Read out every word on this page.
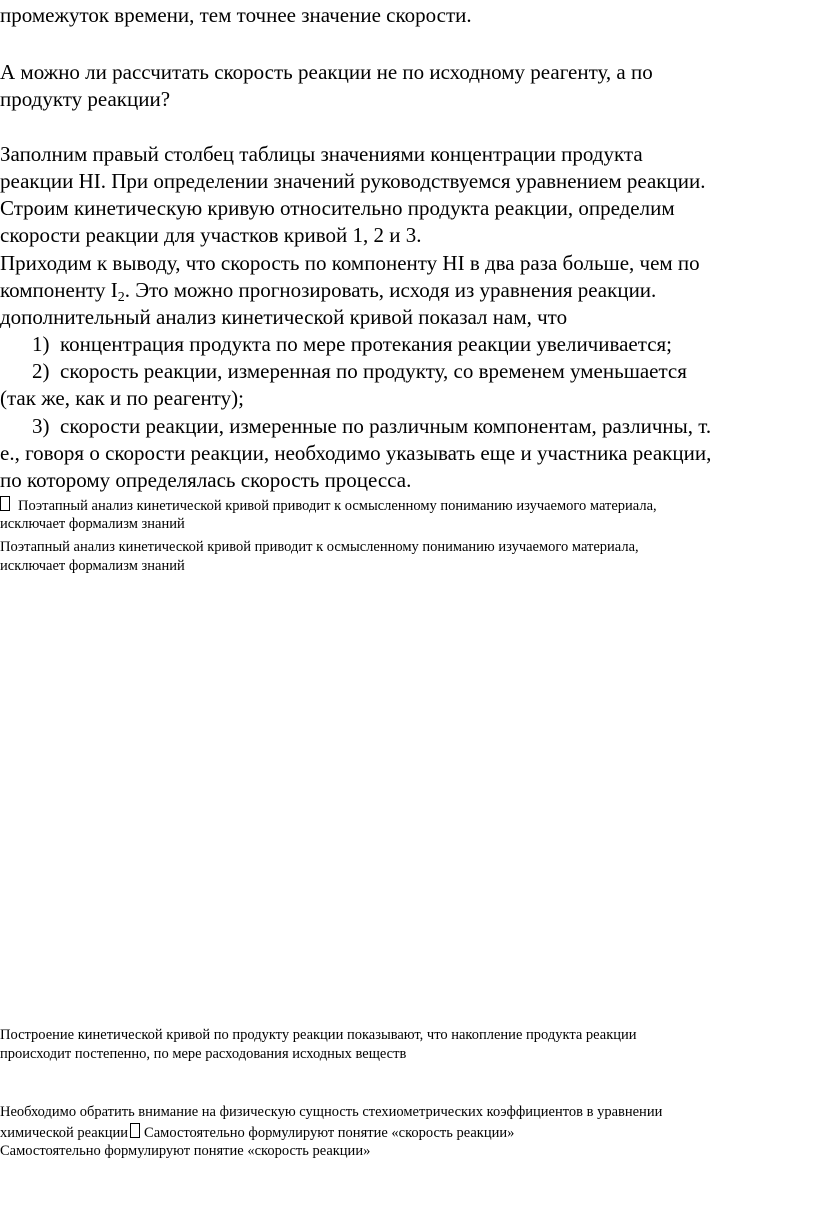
промежуток времени, тем точнее значение скорости.

А можно ли рассчитать скорость реакции не по исходному реагенту, а по

продукту реакции?

Заполним правый столбец таблицы значениями концентрации продукта

реакции HI. При определении значений руководствуемся уравнением реакции.

Строим кинетическую кривую относительно продукта реакции, определим

скорости реакции для участков кривой 1, 2 и 3.

Приходим к выводу, что скорость по компоненту HI в два раза больше, чем по

компоненту $I_2$. Это можно прогнозировать, исходя из уравнения реакции.

дополнительный анализ кинетической кривой показал нам, что

1) концентрация продукта по мере протекания реакции увеличивается;

2) скорость реакции, измеренная по продукту, со временем уменьшается

(так же, как и по реагенту);

3) скорости реакции, измеренные по различным компонентам, различны, т.

е., говоря о скорости реакции, необходимо указывать еще и участника реакции,

по которому определялась скорость процесса.

Поэтапный анализ кинетической кривой приводит к осмысленному пониманию изучаемого материала,

исключает формализм знаний

Поэтапный анализ кинетической кривой приводит к осмысленному пониманию изучаемого материала,

исключает формализм знаний

Построение кинетической кривой по продукту реакции показывают, что накопление продукта реакции

происходит постепенно, по мере расходования исходных веществ

Необходимо обратить внимание на физическую сущность стехиометрических коэффициентов в уравнении

химической реакции Самостоятельно формулируют понятие «скорость реакции»

Самостоятельно формулируют понятие «скорость реакции»
